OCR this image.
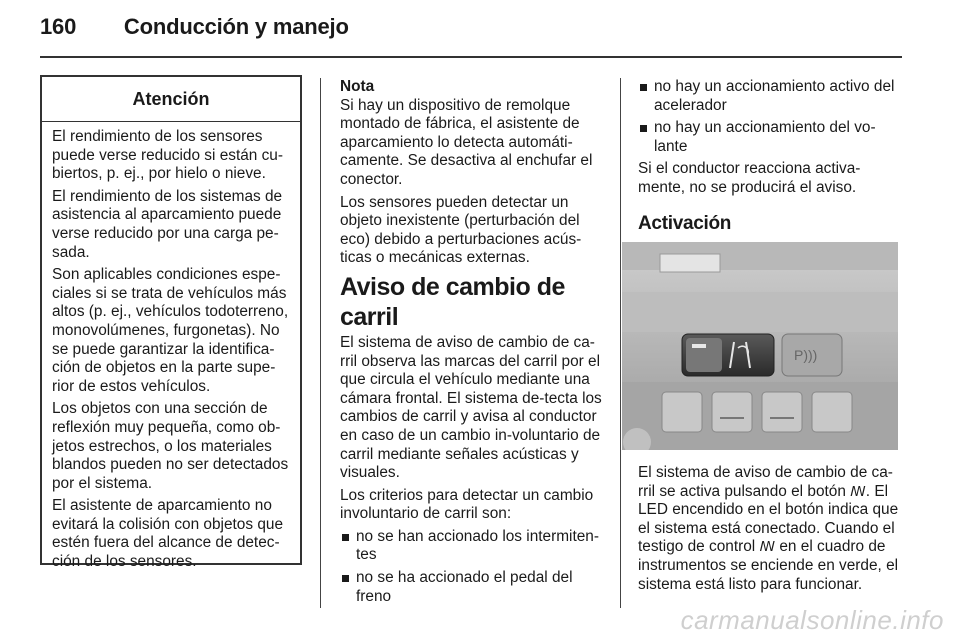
160 Conducción y manejo
Atención

El rendimiento de los sensores puede verse reducido si están cu-biertos, p. ej., por hielo o nieve.

El rendimiento de los sistemas de asistencia al aparcamiento puede verse reducido por una carga pe-sada.

Son aplicables condiciones espe-ciales si se trata de vehículos más altos (p. ej., vehículos todoterreno, monovolúmenes, furgonetas). No se puede garantizar la identifica-ción de objetos en la parte supe-rior de estos vehículos.

Los objetos con una sección de reflexión muy pequeña, como ob-jetos estrechos, o los materiales blandos pueden no ser detectados por el sistema.

El asistente de aparcamiento no evitará la colisión con objetos que estén fuera del alcance de detec-ción de los sensores.

Nota

Si hay un dispositivo de remolque montado de fábrica, el asistente de aparcamiento lo detecta automáti-camente. Se desactiva al enchufar el conector.

Los sensores pueden detectar un objeto inexistente (perturbación del eco) debido a perturbaciones acús-ticas o mecánicas externas.

Aviso de cambio de carril

El sistema de aviso de cambio de ca-rril observa las marcas del carril por el que circula el vehículo mediante una cámara frontal. El sistema de-tecta los cambios de carril y avisa al conductor en caso de un cambio in-voluntario de carril mediante señales acústicas y visuales.

Los criterios para detectar un cambio involuntario de carril son:

no se han accionado los intermiten-tes
no se ha accionado el pedal del freno
no hay un accionamiento activo del acelerador
no hay un accionamiento del vo-lante

Si el conductor reacciona activa-mente, no se producirá el aviso.

Activación
P)))

El sistema de aviso de cambio de ca-rril se activa pulsando el botón ꟿ. El LED encendido en el botón indica que el sistema está conectado. Cuando el testigo de control ꟿ en el cuadro de instrumentos se enciende en verde, el sistema está listo para funcionar.

carmanualsonline.info
